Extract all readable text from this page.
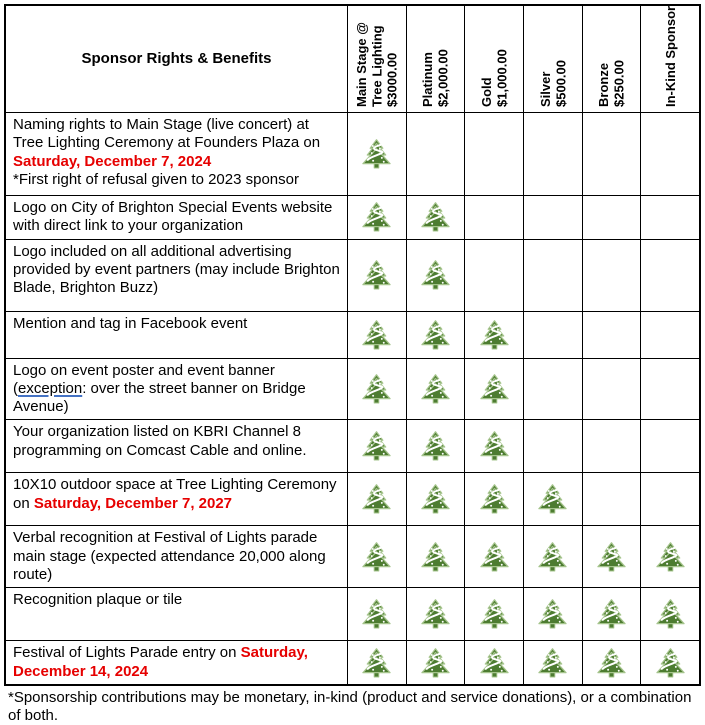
Sponsor Rights & Benefits
Main Stage @
Tree Lighting
$3000.00 Platinum
$2,000.00 Gold
$1,000.00 Silver
$500.00 Bronze
$250.00	In-Kind Sponsor
Naming rights to Main Stage (live concert) at Tree Lighting Ceremony at Founders Plaza on Saturday, December 7, 2024
*First right of refusal given to 2023 sponsor
Logo on City of Brighton Special Events website with direct link to your organization
Logo included on all additional advertising provided by event partners (may include Brighton Blade, Brighton Buzz)
Mention and tag in Facebook event
Logo on event poster and event banner
(exception: over the street banner on Bridge Avenue)
Your organization listed on KBRI Channel 8 programming on Comcast Cable and online.
10X10 outdoor space at Tree Lighting Ceremony on Saturday, December 7, 2027
Verbal recognition at Festival of Lights parade main stage (expected attendance 20,000 along route)
Recognition plaque or tile
Festival of Lights Parade entry on Saturday, December 14, 2024
*Sponsorship contributions may be monetary, in-kind (product and service donations), or a combination of both.
